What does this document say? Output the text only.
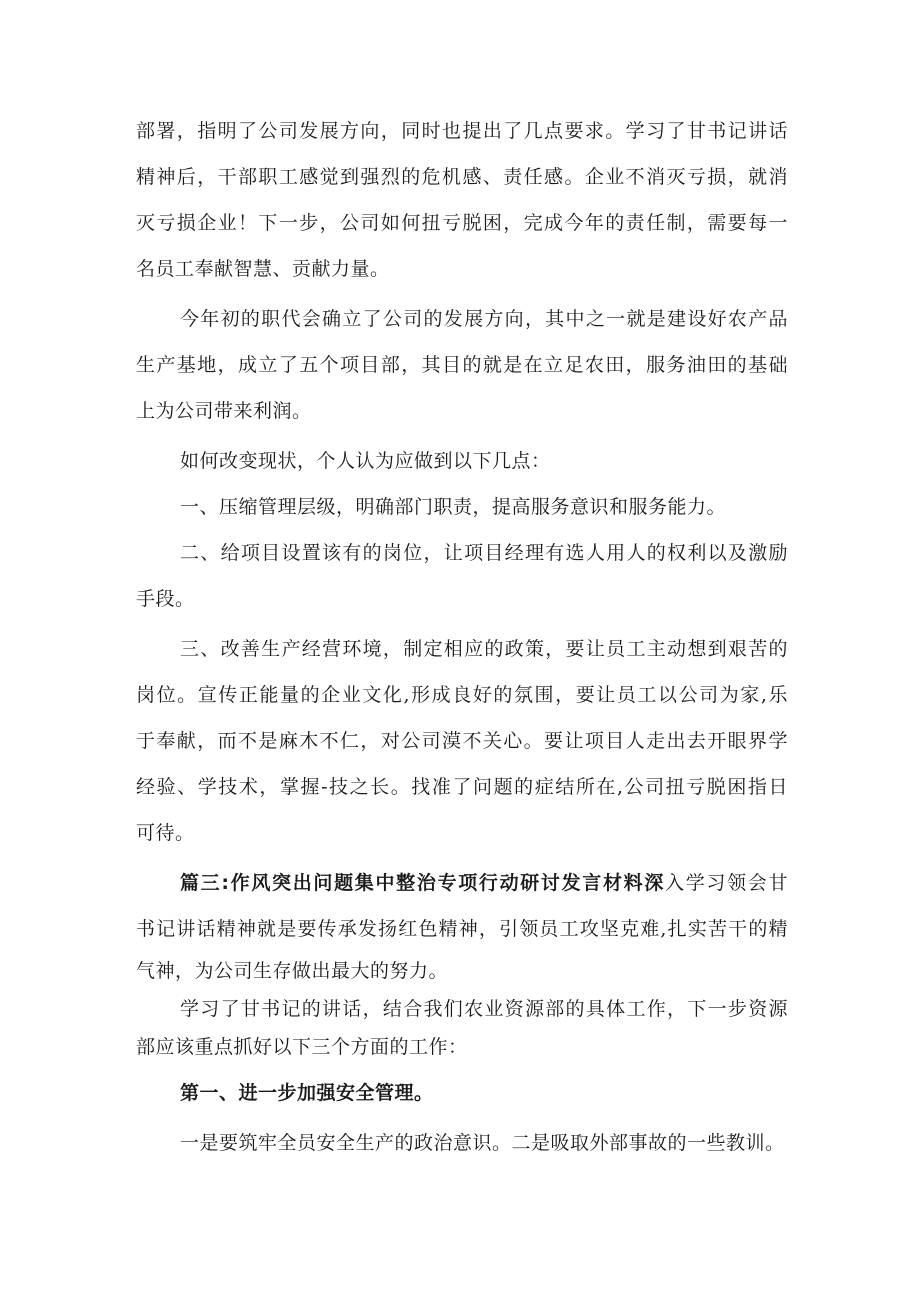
部署，指明了公司发展方向，同时也提出了几点要求。学习了甘书记讲话
精神后，干部职工感觉到强烈的危机感、责任感。企业不消灭亏损，就消
灭亏损企业！下一步，公司如何扭亏脱困，完成今年的责任制，需要每一
名员工奉献智慧、贡献力量。
今年初的职代会确立了公司的发展方向，其中之一就是建设好农产品
生产基地，成立了五个项目部，其目的就是在立足农田，服务油田的基础
上为公司带来利润。
如何改变现状，个人认为应做到以下几点：
一、压缩管理层级，明确部门职责，提高服务意识和服务能力。
二、给项目设置该有的岗位，让项目经理有选人用人的权利以及激励
手段。
三、改善生产经营环境，制定相应的政策，要让员工主动想到艰苦的
岗位。宣传正能量的企业文化,形成良好的氛围，要让员工以公司为家,乐
于奉献，而不是麻木不仁，对公司漠不关心。要让项目人走出去开眼界学
经验、学技术，掌握-技之长。找准了问题的症结所在,公司扭亏脱困指日
可待。
篇三:作风突出问题集中整治专项行动研讨发言材料深入学习领会甘
书记讲话精神就是要传承发扬红色精神，引领员工攻坚克难,扎实苦干的精
气神，为公司生存做出最大的努力。
学习了甘书记的讲话，结合我们农业资源部的具体工作，下一步资源
部应该重点抓好以下三个方面的工作：
第一、进一步加强安全管理。
一是要筑牢全员安全生产的政治意识。二是吸取外部事故的一些教训。
